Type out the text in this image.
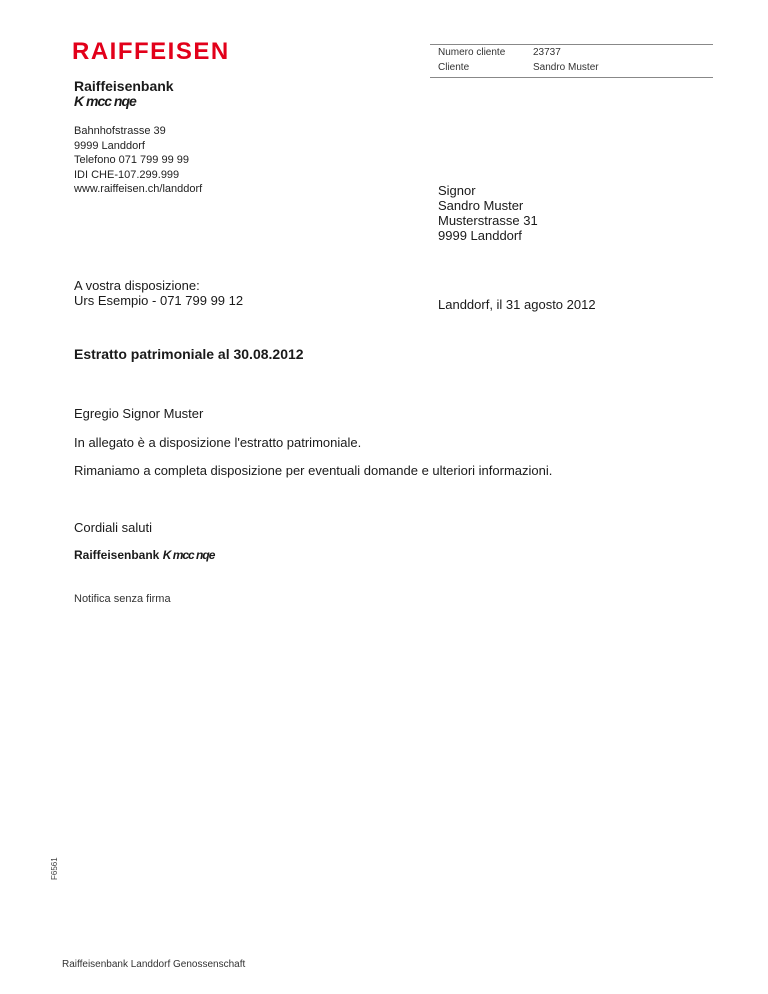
RAIFFEISEN	Numero cliente	23737
Cliente	Sandro Muster
Raiffeisenbank
K mcc nqe
Bahnhofstrasse 39
9999 Landdorf
Telefono 071 799 99 99
IDI CHE-107.299.999
www.raiffeisen.ch/landdorf	Signor
Sandro Muster
Musterstrasse 31
9999 Landdorf
A vostra disposizione:
Urs Esempio - 071 799 99 12	Landdorf, il 31 agosto 2012
Estratto patrimoniale al 30.08.2012
Egregio Signor Muster
In allegato è a disposizione l'estratto patrimoniale.
Rimaniamo a completa disposizione per eventuali domande e ulteriori informazioni.
Cordiali saluti
Raiffeisenbank K mcc nqe
Notifica senza firma
F6561
Raiffeisenbank Landdorf Genossenschaft
